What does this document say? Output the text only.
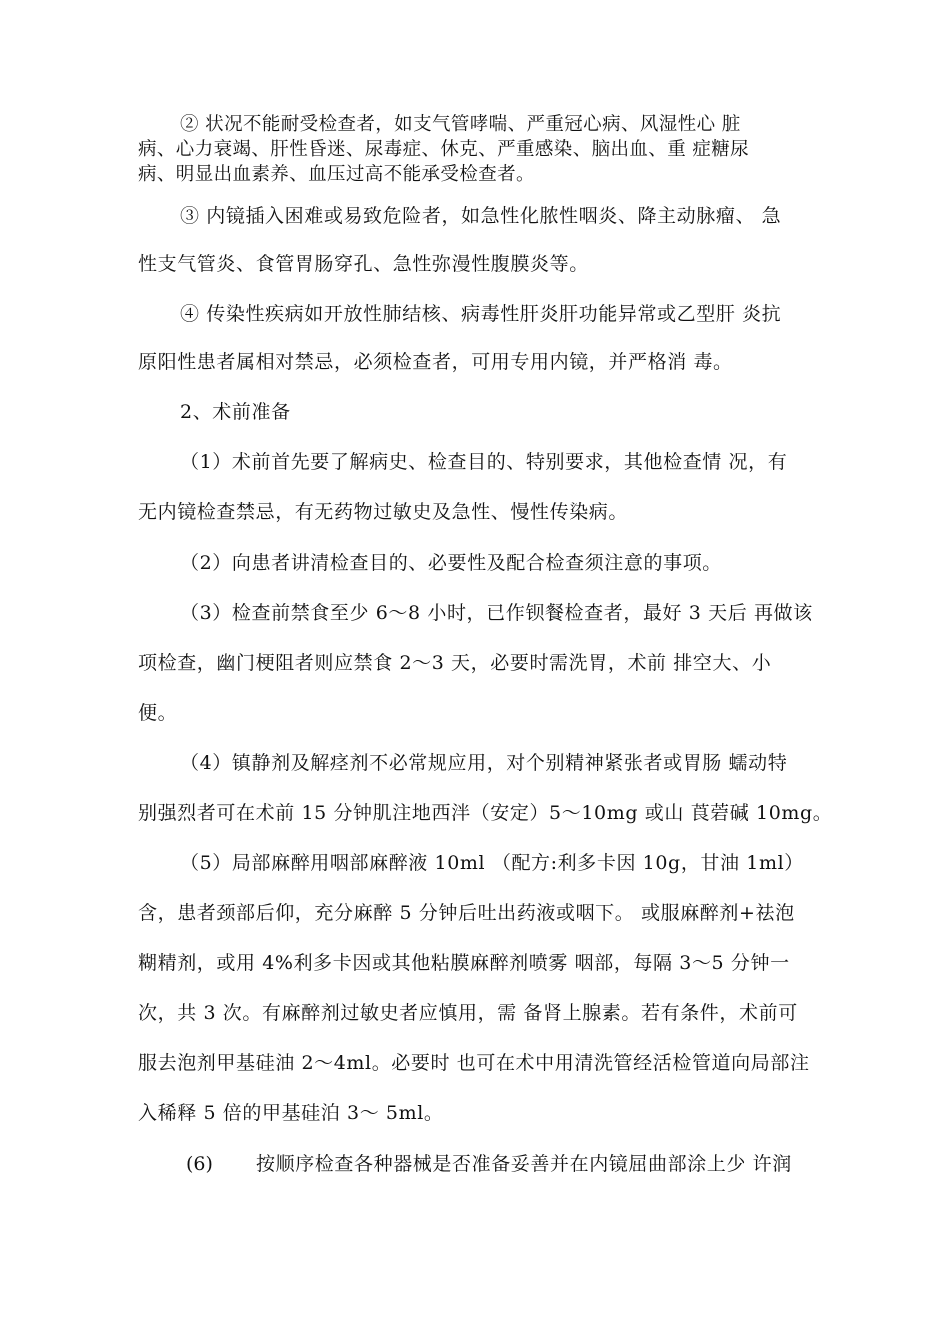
② 状况不能耐受检查者，如支气管哮喘、严重冠心病、风湿性心 脏
病、心力衰竭、肝性昏迷、尿毒症、休克、严重感染、脑出血、重 症糖尿
病、明显出血素养、血压过高不能承受检查者。
③ 内镜插入困难或易致危险者，如急性化脓性咽炎、降主动脉瘤、 急
性支气管炎、食管胃肠穿孔、急性弥漫性腹膜炎等。
④ 传染性疾病如开放性肺结核、病毒性肝炎肝功能异常或乙型肝 炎抗
原阳性患者属相对禁忌，必须检查者，可用专用内镜，并严格消 毒。
2、术前准备
（1）术前首先要了解病史、检查目的、特别要求，其他检查情 况，有
无内镜检查禁忌，有无药物过敏史及急性、慢性传染病。
（2）向患者讲清检查目的、必要性及配合检查须注意的事项。
（3）检查前禁食至少 6〜8 小时，已作钡餐检查者，最好 3 天后 再做该
项检查，幽门梗阻者则应禁食 2〜3 天，必要时需洗胃，术前 排空大、小
便。
（4）镇静剂及解痉剂不必常规应用，对个别精神紧张者或胃肠 蠕动特
别强烈者可在术前 15 分钟肌注地西泮（安定）5〜10mg 或山 莨菪碱 10mg。
（5）局部麻醉用咽部麻醉液 10ml （配方:利多卡因 10g，甘油 1ml）
含，患者颈部后仰，充分麻醉 5 分钟后吐出药液或咽下。 或服麻醉剂+祛泡
糊精剂，或用 4%利多卡因或其他粘膜麻醉剂喷雾 咽部，每隔 3〜5 分钟一
次，共 3 次。有麻醉剂过敏史者应慎用，需 备肾上腺素。若有条件，术前可
服去泡剂甲基硅油 2〜4ml。必要时 也可在术中用清洗管经活检管道向局部注
入稀释 5 倍的甲基硅泊 3〜 5ml。
(6) 按顺序检查各种器械是否准备妥善并在内镜屈曲部涂上少 许润
